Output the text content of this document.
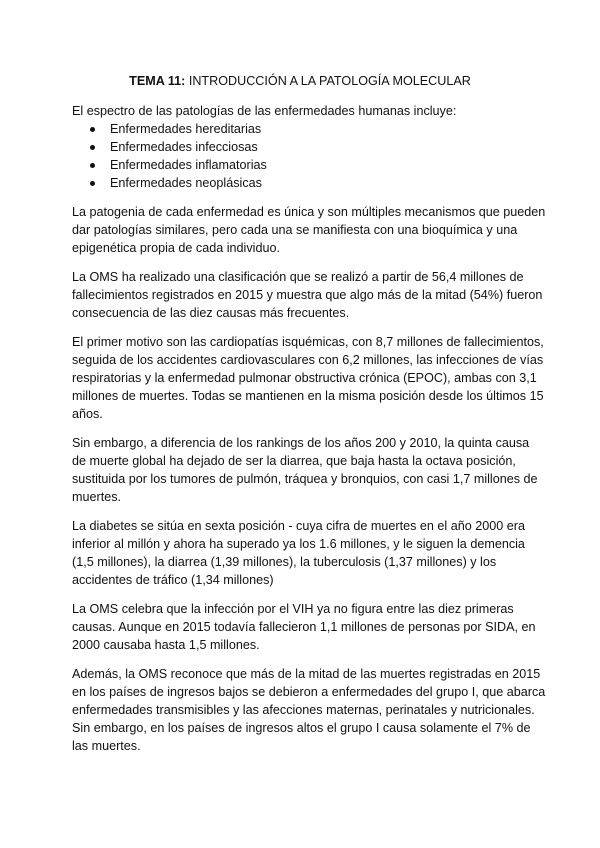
TEMA 11: INTRODUCCIÓN A LA PATOLOGÍA MOLECULAR
El espectro de las patologías de las enfermedades humanas incluye:
Enfermedades hereditarias
Enfermedades infecciosas
Enfermedades inflamatorias
Enfermedades neoplásicas
La patogenia de cada enfermedad es única y son múltiples mecanismos que pueden
dar patologías similares, pero cada una se manifiesta con una bioquímica y una
epigenética propia de cada individuo.
La OMS ha realizado una clasificación que se realizó a partir de 56,4 millones de
fallecimientos registrados en 2015 y muestra que algo más de la mitad (54%) fueron
consecuencia de las diez causas más frecuentes.
El primer motivo son las cardiopatías isquémicas, con 8,7 millones de fallecimientos,
seguida de los accidentes cardiovasculares con 6,2 millones, las infecciones de vías
respiratorias y la enfermedad pulmonar obstructiva crónica (EPOC), ambas con 3,1
millones de muertes. Todas se mantienen en la misma posición desde los últimos 15
años.
Sin embargo, a diferencia de los rankings de los años 200 y 2010, la quinta causa
de muerte global ha dejado de ser la diarrea, que baja hasta la octava posición,
sustituida por los tumores de pulmón, tráquea y bronquios, con casi 1,7 millones de
muertes.
La diabetes se sitúa en sexta posición - cuya cifra de muertes en el año 2000 era
inferior al millón y ahora ha superado ya los 1.6 millones, y le siguen la demencia
(1,5 millones), la diarrea (1,39 millones), la tuberculosis (1,37 millones) y los
accidentes de tráfico (1,34 millones)
La OMS celebra que la infección por el VIH ya no figura entre las diez primeras
causas. Aunque en 2015 todavía fallecieron 1,1 millones de personas por SIDA, en
2000 causaba hasta 1,5 millones.
Además, la OMS reconoce que más de la mitad de las muertes registradas en 2015
en los países de ingresos bajos se debieron a enfermedades del grupo I, que abarca
enfermedades transmisibles y las afecciones maternas, perinatales y nutricionales.
Sin embargo, en los países de ingresos altos el grupo I causa solamente el 7% de
las muertes.
